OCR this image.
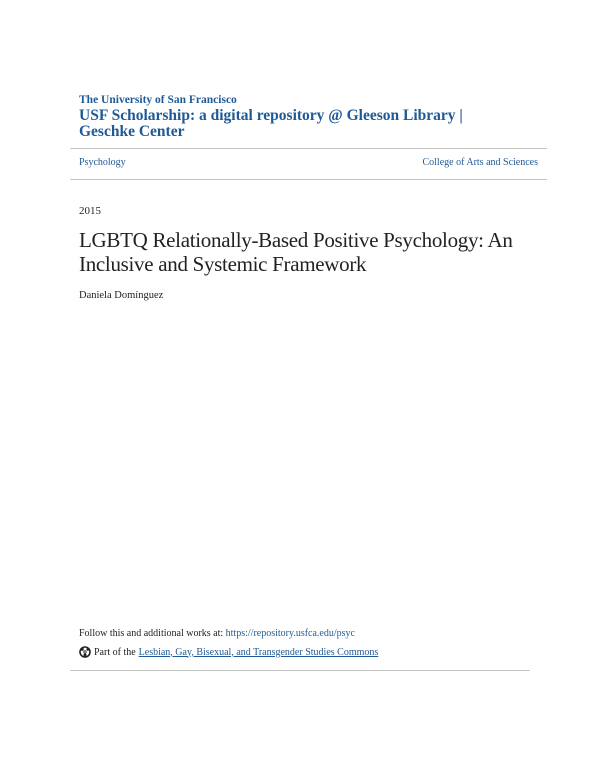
The University of San Francisco
USF Scholarship: a digital repository @ Gleeson Library | Geschke Center
Psychology	College of Arts and Sciences
2015
LGBTQ Relationally-Based Positive Psychology: An Inclusive and Systemic Framework
Daniela Domínguez
Follow this and additional works at: https://repository.usfca.edu/psyc
Part of the Lesbian, Gay, Bisexual, and Transgender Studies Commons
